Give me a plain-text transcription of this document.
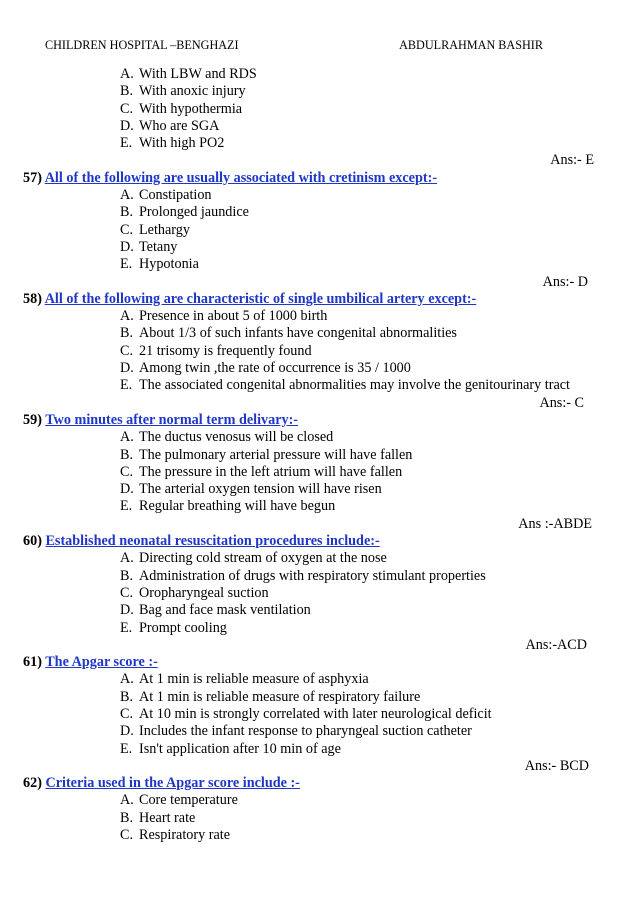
CHILDREN HOSPITAL –BENGHAZI	ABDULRAHMAN BASHIR
A. With LBW and RDS
B. With anoxic injury
C. With hypothermia
D. Who are SGA
E. With high PO2
Ans:- E
57) All of the following are usually associated with cretinism except:-
A. Constipation
B. Prolonged jaundice
C. Lethargy
D. Tetany
E. Hypotonia
Ans:- D
58) All of the following are characteristic of single umbilical artery except:-
A. Presence in about 5 of 1000 birth
B. About 1/3 of such infants have congenital abnormalities
C. 21 trisomy is frequently found
D. Among twin ,the rate of occurrence is 35 / 1000
E. The associated congenital abnormalities may involve the genitourinary tract
Ans:- C
59) Two minutes after normal term delivary:-
A. The ductus venosus will be closed
B. The pulmonary arterial pressure will have fallen
C. The pressure in the left atrium will have fallen
D. The arterial oxygen tension will have risen
E. Regular breathing will have begun
Ans :-ABDE
60) Established neonatal resuscitation procedures include:-
A. Directing cold stream of oxygen at the nose
B. Administration of drugs with respiratory stimulant properties
C. Oropharyngeal suction
D. Bag and face mask ventilation
E. Prompt cooling
Ans:-ACD
61) The Apgar score :-
A. At 1 min is reliable measure of asphyxia
B. At 1 min is reliable measure of respiratory failure
C. At 10 min is strongly correlated with later neurological deficit
D. Includes the infant response to pharyngeal suction catheter
E. Isn't application after 10 min of age
Ans:- BCD
62) Criteria used in the Apgar score include :-
A. Core temperature
B. Heart rate
C. Respiratory rate
